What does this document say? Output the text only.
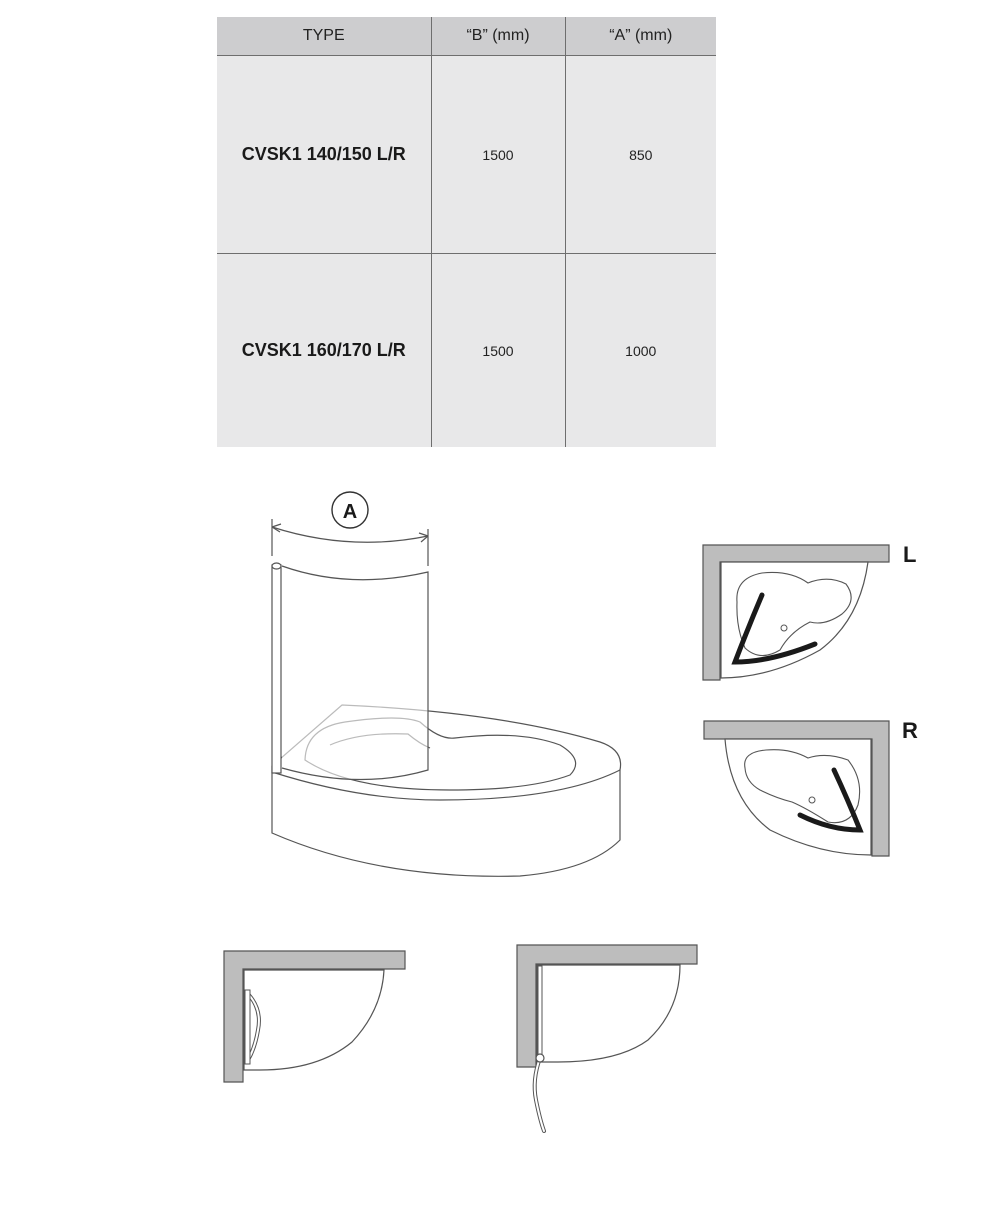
TYPE	“B” (mm)	“A” (mm)
CVSK1 140/150 L/R	1500	850
CVSK1 160/170 L/R	1500	1000
L
R
A
